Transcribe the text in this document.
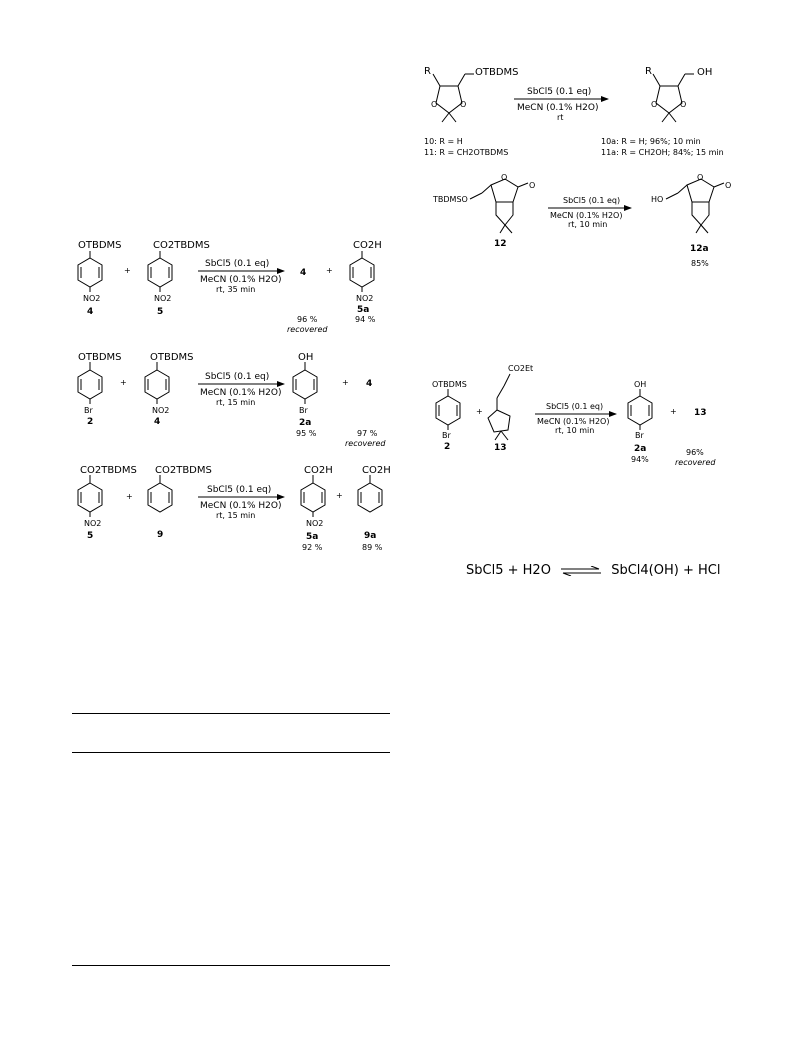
OTBDMS
NO2
4
+
CO2TBDMS
NO2
5
SbCl5 (0.1 eq)
MeCN (0.1% H2O)
rt, 35 min
4 +
CO2H
NO2
5a
96 %
recovered
94 %
OTBDMS
Br
2
+
OTBDMS
NO2
4
SbCl5 (0.1 eq)
MeCN (0.1% H2O)
rt, 15 min
OH
Br
2a
95 %
+ 4
97 %
recovered
CO2TBDMS
NO2
5
+
CO2TBDMS
9
SbCl5 (0.1 eq)
MeCN (0.1% H2O)
rt, 15 min
CO2H
NO2
5a
92 %
+
CO2H
9a
89 %
R	OTBDMS
O	O
SbCl5 (0.1 eq)
MeCN (0.1% H2O)
rt
R	OH
O	O
10: R = H
11: R = CH2OTBDMS
10a: R = H; 96%; 10 min
11a: R = CH2OH; 84%; 15 min
TBDMSO
O
O
12
SbCl5 (0.1 eq)
MeCN (0.1% H2O)
rt, 10 min
HO
O
O
12a
85%
OTBDMS
Br
2
+
CO2Et
13
SbCl5 (0.1 eq)
MeCN (0.1% H2O)
rt, 10 min
OH
Br
2a
94%
+ 13
96%
recovered
SbCl5 + H2O ⇌ SbCl4(OH) + HCl
